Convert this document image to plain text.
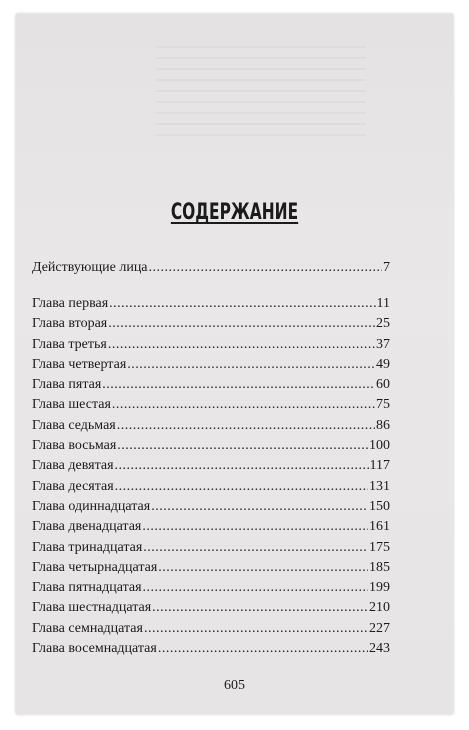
СОДЕРЖАНИЕ
Действующие лица .....	7
Глава первая .....	11
Глава вторая .....	25
Глава третья .....	37
Глава четвертая .....	49
Глава пятая .....	60
Глава шестая .....	75
Глава седьмая .....	86
Глава восьмая .....	100
Глава девятая .....	117
Глава десятая .....	131
Глава одиннадцатая .....	150
Глава двенадцатая .....	161
Глава тринадцатая .....	175
Глава четырнадцатая .....	185
Глава пятнадцатая .....	199
Глава шестнадцатая .....	210
Глава семнадцатая .....	227
Глава восемнадцатая .....	243
605
